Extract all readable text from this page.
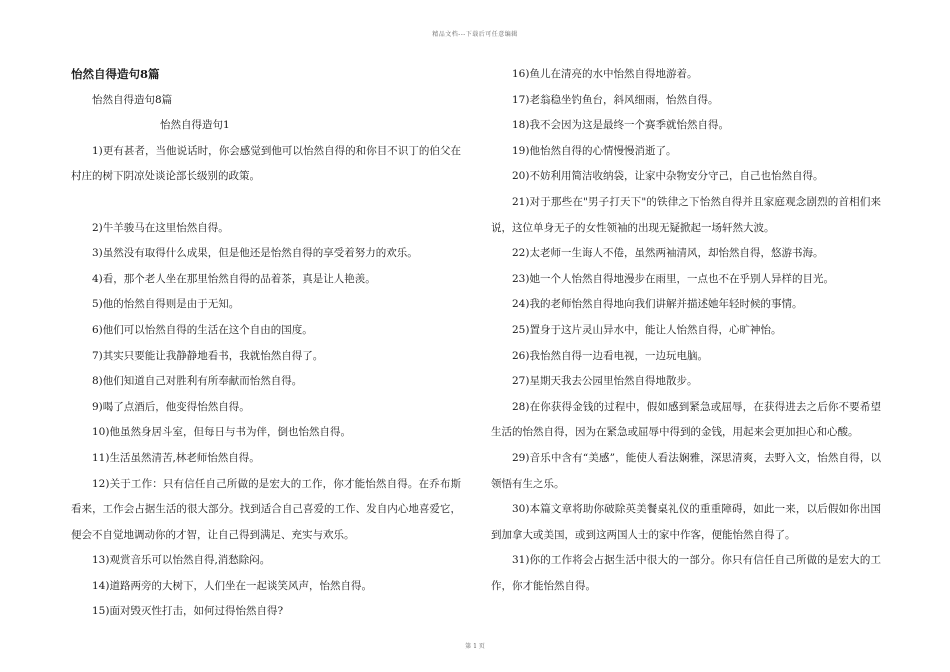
精品文档---下载后可任意编辑

怡然自得造句8篇

怡然自得造句8篇

怡然自得造句1

1)更有甚者，当他说话时，你会感觉到他可以怡然自得的和你目不识丁的伯父在村庄的树下阴凉处谈论部长级别的政策。

2)牛羊骏马在这里怡然自得。

3)虽然没有取得什么成果，但是他还是怡然自得的享受着努力的欢乐。

4)看，那个老人坐在那里怡然自得的品着茶，真是让人艳羡。

5)他的怡然自得则是由于无知。

6)他们可以怡然自得的生活在这个自由的国度。

7)其实只要能让我静静地看书，我就怡然自得了。

8)他们知道自己对胜利有所奉献而怡然自得。

9)喝了点酒后，他变得怡然自得。

10)他虽然身居斗室，但每日与书为伴，倒也怡然自得。

11)生活虽然清苦,林老师怡然自得。

12)关于工作：只有信任自己所做的是宏大的工作，你才能怡然自得。在乔布斯看来，工作会占据生活的很大部分。找到适合自己喜爱的工作、发自内心地喜爱它，便会不自觉地调动你的才智，让自己得到满足、充实与欢乐。

13)观赏音乐可以怡然自得,消愁除闷。

14)道路两旁的大树下，人们坐在一起谈笑风声，怡然自得。

15)面对毁灭性打击，如何过得怡然自得?

16)鱼儿在清亮的水中怡然自得地游着。

17)老翁稳坐钓鱼台，斜风细雨，怡然自得。

18)我不会因为这是最终一个赛季就怡然自得。

19)他怡然自得的心情慢慢消逝了。

20)不妨利用简洁收纳袋，让家中杂物安分守己，自己也怡然自得。

21)对于那些在"男子打天下"的铁律之下怡然自得并且家庭观念剧烈的首相们来说，这位单身无子的女性领袖的出现无疑掀起一场轩然大波。

22)太老师一生诲人不倦，虽然两袖清风，却怡然自得，悠游书海。

23)她一个人怡然自得地漫步在雨里，一点也不在乎别人异样的目光。

24)我的老师怡然自得地向我们讲解并描述她年轻时候的事情。

25)置身于这片灵山异水中，能让人怡然自得，心旷神怡。

26)我怡然自得一边看电视，一边玩电脑。

27)星期天我去公园里怡然自得地散步。

28)在你获得金钱的过程中，假如感到紧急或屈辱，在获得进去之后你不要希望生活的怡然自得，因为在紧急或屈辱中得到的金钱，用起来会更加担心和心酸。

29)音乐中含有“美感”，能使人看法娴雅，深思清爽，去野入文，怡然自得，以领悟有生之乐。

30)本篇文章将助你破除英美餐桌礼仪的重重障碍，如此一来，以后假如你出国到加拿大或美国，或到这两国人士的家中作客，便能怡然自得了。

31)你的工作将会占据生活中很大的一部分。你只有信任自己所做的是宏大的工作，你才能怡然自得。

第 1 页
